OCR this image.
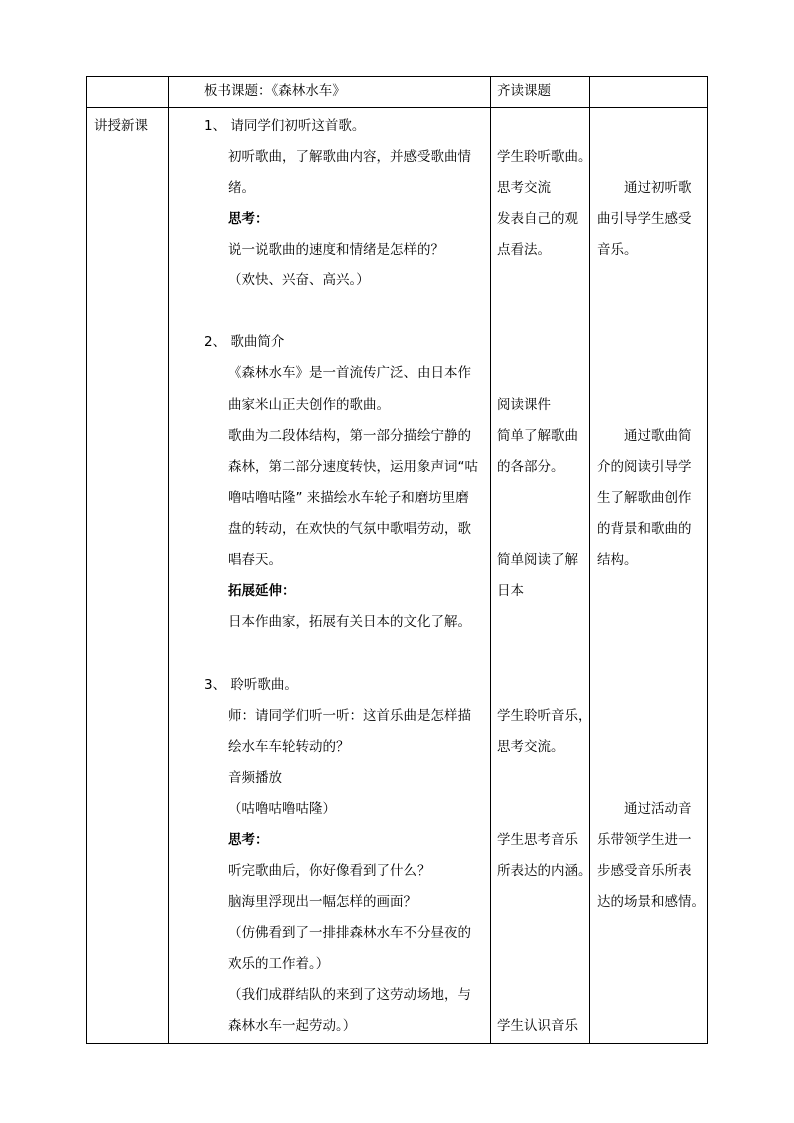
板书课题：《森林水车》	齐读课题
讲授新课	1、 请同学们初听这首歌。
初听歌曲，了解歌曲内容，并感受歌曲情
绪。
思考：
说一说歌曲的速度和情绪是怎样的？
（欢快、兴奋、高兴。）
2、 歌曲简介
《森林水车》是一首流传广泛、由日本作
曲家米山正夫创作的歌曲。
歌曲为二段体结构，第一部分描绘宁静的
森林，第二部分速度转快，运用象声词“咕
噜咕噜咕隆” 来描绘水车轮子和磨坊里磨
盘的转动，在欢快的气氛中歌唱劳动，歌
唱春天。
拓展延伸：
日本作曲家，拓展有关日本的文化了解。
3、 聆听歌曲。
师：请同学们听一听：这首乐曲是怎样描
绘水车车轮转动的？
音频播放
（咕噜咕噜咕隆）
思考：
听完歌曲后，你好像看到了什么？
脑海里浮现出一幅怎样的画面？
（仿佛看到了一排排森林水车不分昼夜的
欢乐的工作着。）
（我们成群结队的来到了这劳动场地，与
森林水车一起劳动。）
学生聆听歌曲。
思考交流
发表自己的观
点看法。
阅读课件
简单了解歌曲
的各部分。
简单阅读了解
日本
学生聆听音乐，
思考交流。
学生思考音乐
所表达的内涵。
学生认识音乐
通过初听歌
曲引导学生感受
音乐。
通过歌曲简
介的阅读引导学
生了解歌曲创作
的背景和歌曲的
结构。
通过活动音
乐带领学生进一
步感受音乐所表
达的场景和感情。
